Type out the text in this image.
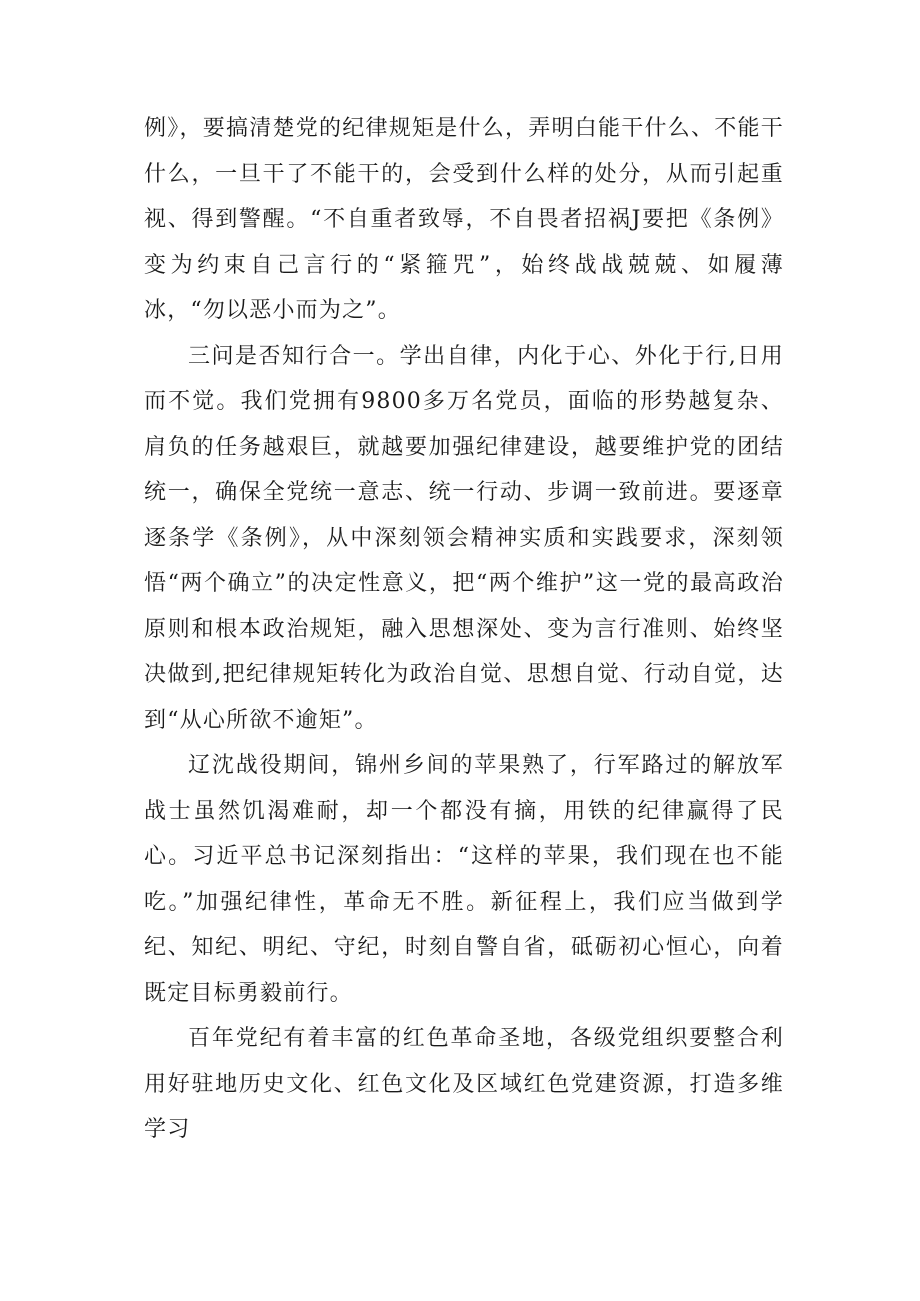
例》，要搞清楚党的纪律规矩是什么，弄明白能干什么、不能干什么，一旦干了不能干的，会受到什么样的处分，从而引起重视、得到警醒。“不自重者致辱，不自畏者招祸J要把《条例》变为约束自己言行的“紧箍咒”，始终战战兢兢、如履薄冰，“勿以恶小而为之”。

三问是否知行合一。学出自律，内化于心、外化于行,日用而不觉。我们党拥有9800多万名党员，面临的形势越复杂、肩负的任务越艰巨，就越要加强纪律建设，越要维护党的团结统一，确保全党统一意志、统一行动、步调一致前进。要逐章逐条学《条例》，从中深刻领会精神实质和实践要求，深刻领悟“两个确立”的决定性意义，把“两个维护”这一党的最高政治原则和根本政治规矩，融入思想深处、变为言行准则、始终坚决做到,把纪律规矩转化为政治自觉、思想自觉、行动自觉，达到“从心所欲不逾矩”。

辽沈战役期间，锦州乡间的苹果熟了，行军路过的解放军战士虽然饥渴难耐，却一个都没有摘，用铁的纪律赢得了民心。习近平总书记深刻指出：“这样的苹果，我们现在也不能吃。”加强纪律性，革命无不胜。新征程上，我们应当做到学纪、知纪、明纪、守纪，时刻自警自省，砥砺初心恒心，向着既定目标勇毅前行。

百年党纪有着丰富的红色革命圣地，各级党组织要整合利用好驻地历史文化、红色文化及区域红色党建资源，打造多维学习
